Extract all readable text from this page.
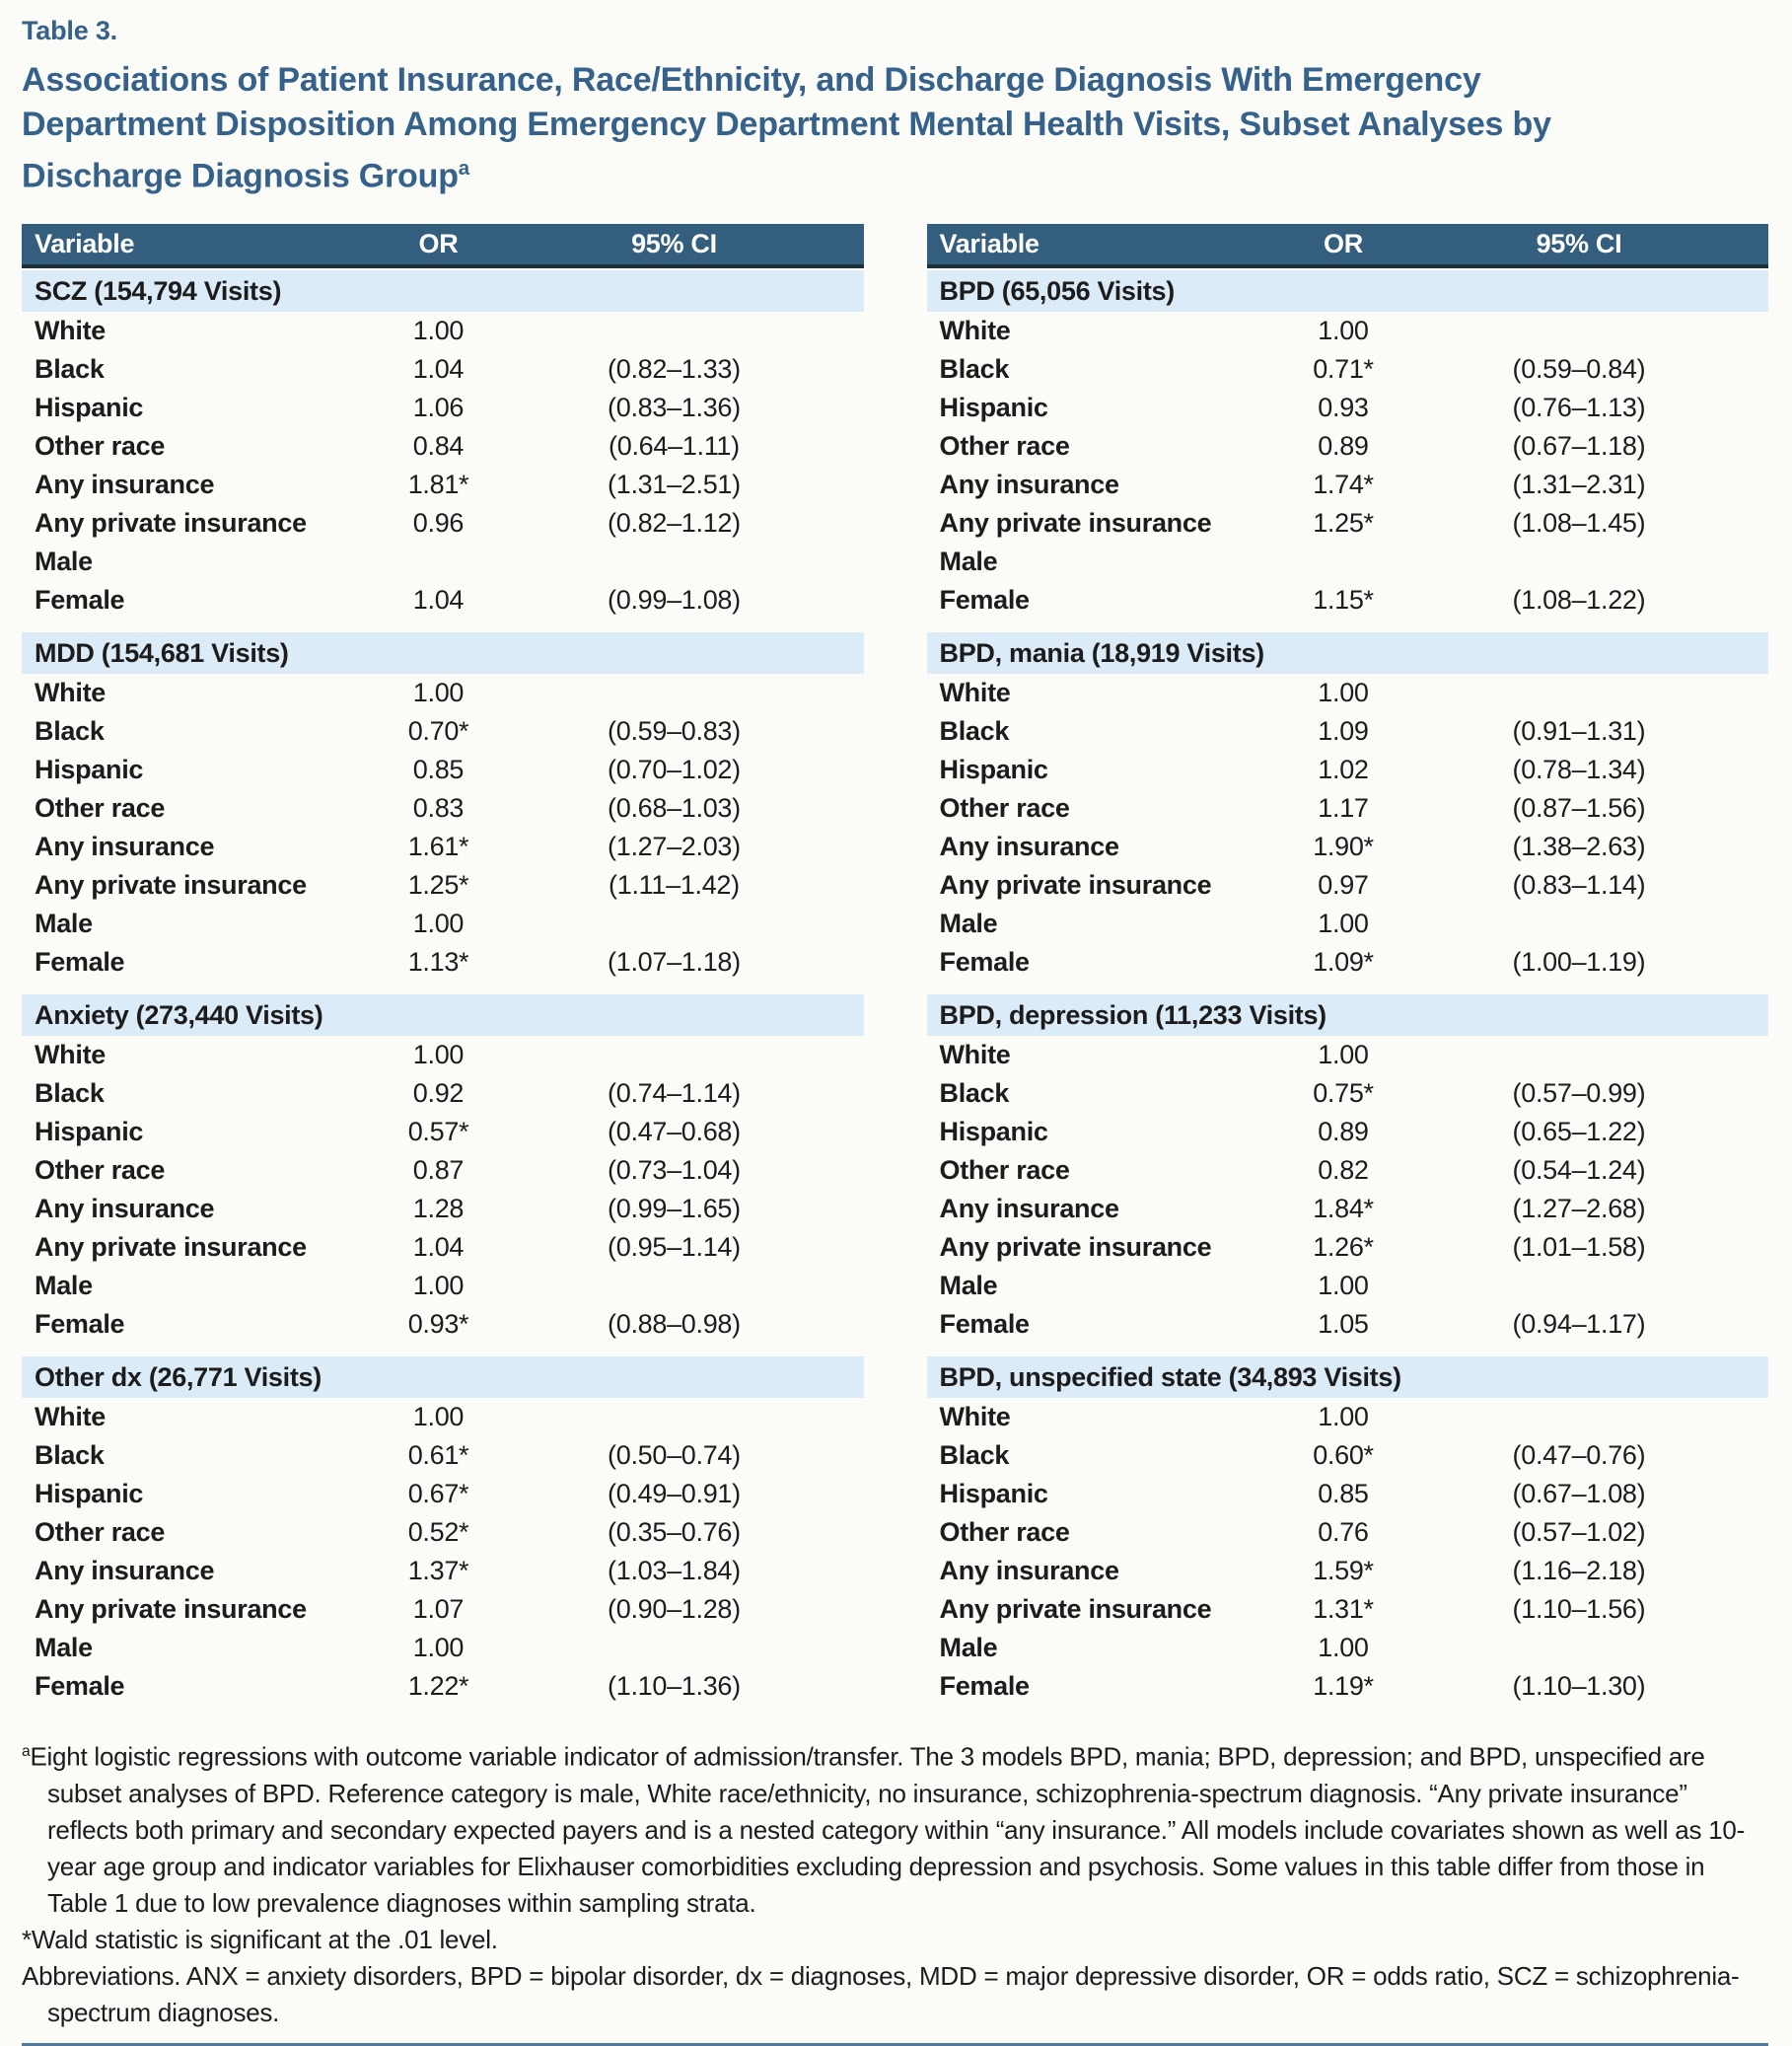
Table 3.
Associations of Patient Insurance, Race/Ethnicity, and Discharge Diagnosis With Emergency
Department Disposition Among Emergency Department Mental Health Visits, Subset Analyses by
Discharge Diagnosis Group$^a$
Variable	OR	95% CI
SCZ (154,794 Visits)
White	1.00
Black	1.04	(0.82–1.33)
Hispanic	1.06	(0.83–1.36)
Other race	0.84	(0.64–1.11)
Any insurance	1.81*	(1.31–2.51)
Any private insurance	0.96	(0.82–1.12)
Male
Female	1.04	(0.99–1.08)
MDD (154,681 Visits)
White	1.00
Black	0.70*	(0.59–0.83)
Hispanic	0.85	(0.70–1.02)
Other race	0.83	(0.68–1.03)
Any insurance	1.61*	(1.27–2.03)
Any private insurance	1.25*	(1.11–1.42)
Male	1.00
Female	1.13*	(1.07–1.18)
Anxiety (273,440 Visits)
White	1.00
Black	0.92	(0.74–1.14)
Hispanic	0.57*	(0.47–0.68)
Other race	0.87	(0.73–1.04)
Any insurance	1.28	(0.99–1.65)
Any private insurance	1.04	(0.95–1.14)
Male	1.00
Female	0.93*	(0.88–0.98)
Other dx (26,771 Visits)
White	1.00
Black	0.61*	(0.50–0.74)
Hispanic	0.67*	(0.49–0.91)
Other race	0.52*	(0.35–0.76)
Any insurance	1.37*	(1.03–1.84)
Any private insurance	1.07	(0.90–1.28)
Male	1.00
Female	1.22*	(1.10–1.36)
Variable	OR	95% CI
BPD (65,056 Visits)
White	1.00
Black	0.71*	(0.59–0.84)
Hispanic	0.93	(0.76–1.13)
Other race	0.89	(0.67–1.18)
Any insurance	1.74*	(1.31–2.31)
Any private insurance	1.25*	(1.08–1.45)
Male
Female	1.15*	(1.08–1.22)
BPD, mania (18,919 Visits)
White	1.00
Black	1.09	(0.91–1.31)
Hispanic	1.02	(0.78–1.34)
Other race	1.17	(0.87–1.56)
Any insurance	1.90*	(1.38–2.63)
Any private insurance	0.97	(0.83–1.14)
Male	1.00
Female	1.09*	(1.00–1.19)
BPD, depression (11,233 Visits)
White	1.00
Black	0.75*	(0.57–0.99)
Hispanic	0.89	(0.65–1.22)
Other race	0.82	(0.54–1.24)
Any insurance	1.84*	(1.27–2.68)
Any private insurance	1.26*	(1.01–1.58)
Male	1.00
Female	1.05	(0.94–1.17)
BPD, unspecified state (34,893 Visits)
White	1.00
Black	0.60*	(0.47–0.76)
Hispanic	0.85	(0.67–1.08)
Other race	0.76	(0.57–1.02)
Any insurance	1.59*	(1.16–2.18)
Any private insurance	1.31*	(1.10–1.56)
Male	1.00
Female	1.19*	(1.10–1.30)

$^a$Eight logistic regressions with outcome variable indicator of admission/transfer. The 3 models BPD, mania; BPD, depression; and BPD, unspecified are subset analyses of BPD. Reference category is male, White race/ethnicity, no insurance, schizophrenia-spectrum diagnosis. “Any private insurance” reflects both primary and secondary expected payers and is a nested category within “any insurance.” All models include covariates shown as well as 10-year age group and indicator variables for Elixhauser comorbidities excluding depression and psychosis. Some values in this table differ from those in Table 1 due to low prevalence diagnoses within sampling strata.

*Wald statistic is significant at the .01 level.

Abbreviations. ANX = anxiety disorders, BPD = bipolar disorder, dx = diagnoses, MDD = major depressive disorder, OR = odds ratio, SCZ = schizophrenia-spectrum diagnoses.
